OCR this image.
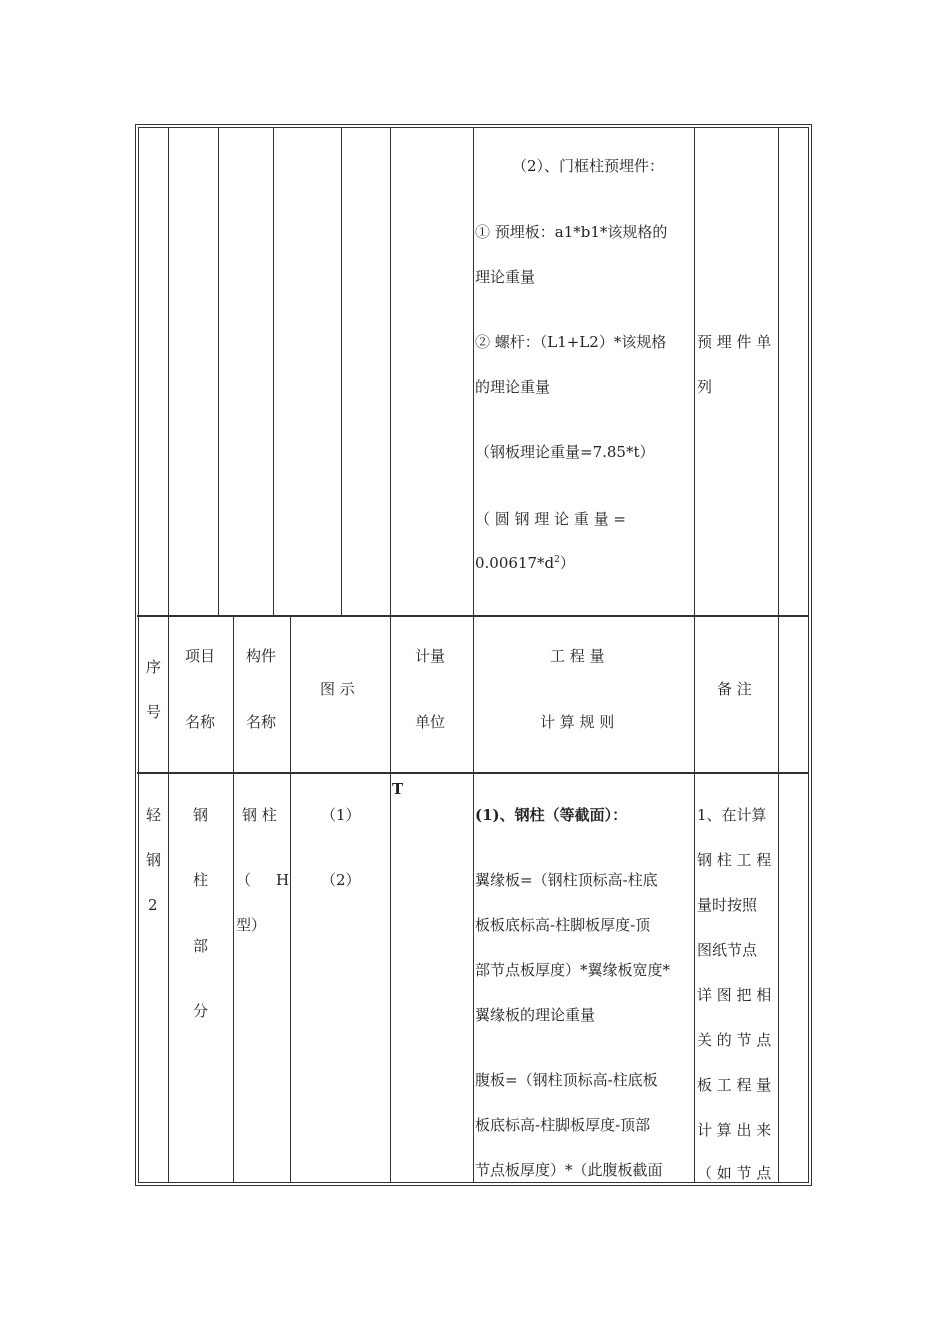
（2）、门框柱预埋件：
① 预埋板：a1*b1*该规格的
理论重量
② 螺杆：（L1+L2）*该规格
的理论重量
（钢板理论重量=7.85*t）
（ 圆 钢 理 论 重 量 =
$0.00617*d^2$）
预 埋 件 单
列
序
号
项目
名称
构件
名称
图 示
计量
单位
工 程 量
计 算 规 则
备 注
轻
钢
2
钢
柱
部
分
钢 柱
（ H
型）
（1）
（2）
T
(1)、钢柱（等截面）：
翼缘板=（钢柱顶标高-柱底
板板底标高-柱脚板厚度-顶
部节点板厚度）*翼缘板宽度*
翼缘板的理论重量
腹板=（钢柱顶标高-柱底板
板底标高-柱脚板厚度-顶部
节点板厚度）*（此腹板截面
1、在计算
钢 柱 工 程
量时按照
图纸节点
详 图 把 相
关 的 节 点
板 工 程 量
计 算 出 来
（ 如 节 点
